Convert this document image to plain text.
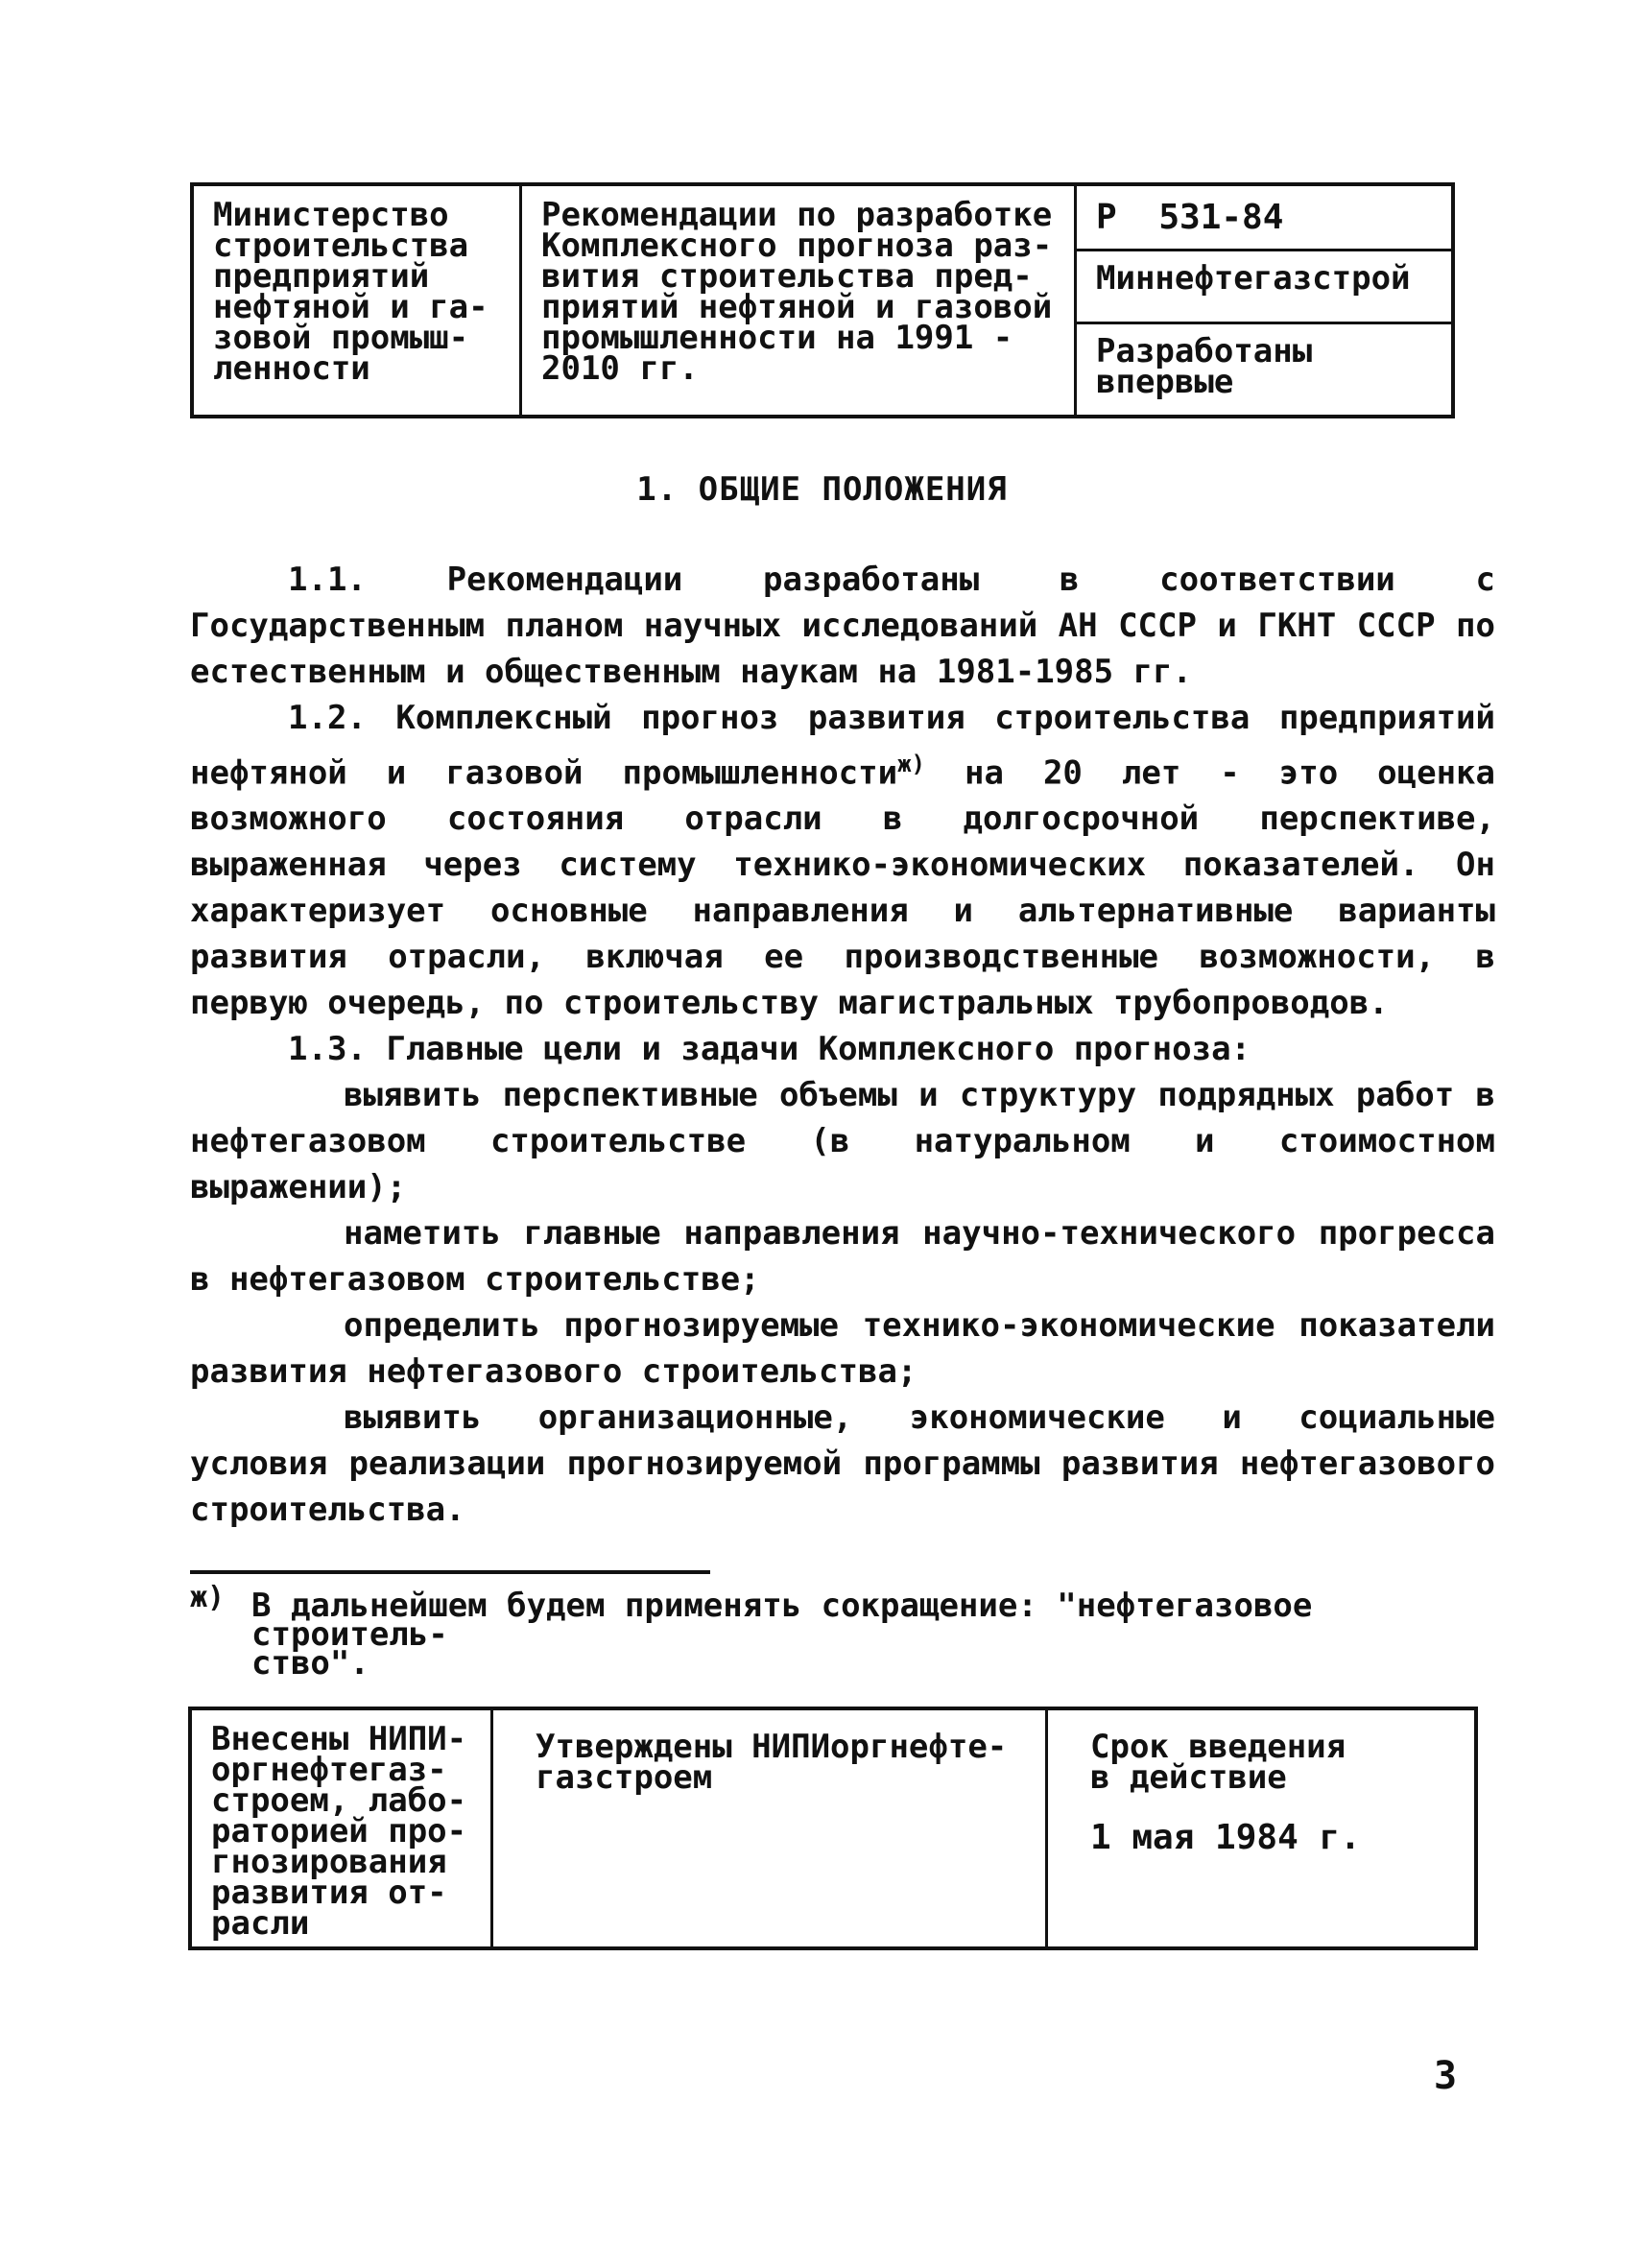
Министерство
строительства
предприятий
нефтяной и га-
зовой промыш-
ленности
Рекомендации по разработке
Комплексного прогноза раз-
вития строительства пред-
приятий нефтяной и газовой
промышленности на 1991 -
2010 гг.
Р 531-84
Миннефтегазстрой
Разработаны
впервые
1. ОБЩИЕ ПОЛОЖЕНИЯ

1.1. Рекомендации разработаны в соответствии с Государственным планом научных исследований АН СССР и ГКНТ СССР по естественным и общественным наукам на 1981-1985 гг.

1.2. Комплексный прогноз развития строительства предприятий нефтяной и газовой промышленности$^{ж)}$ на 20 лет - это оценка возможного состояния отрасли в долгосрочной перспективе, выраженная через систему технико-экономических показателей. Он характеризует основные направления и альтернативные варианты развития отрасли, включая ее производственные возможности, в первую очередь, по строительству магистральных трубопроводов.

1.3. Главные цели и задачи Комплексного прогноза:

выявить перспективные объемы и структуру подрядных работ в нефтегазовом строительстве (в натуральном и стоимостном выражении);

наметить главные направления научно-технического прогресса в нефтегазовом строительстве;

определить прогнозируемые технико-экономические показатели развития нефтегазового строительства;

выявить организационные, экономические и социальные условия реализации прогнозируемой программы развития нефтегазового строительства.

ж) В дальнейшем будем применять сокращение: "нефтегазовое строитель-
ство".
Внесены НИПИ-
оргнефтегаз-
строем, лабо-
раторией про-
гнозирования
развития от-
расли
Утверждены НИПИоргнефте-
газстроем
Срок введения
в действие
1 мая 1984 г.
3
